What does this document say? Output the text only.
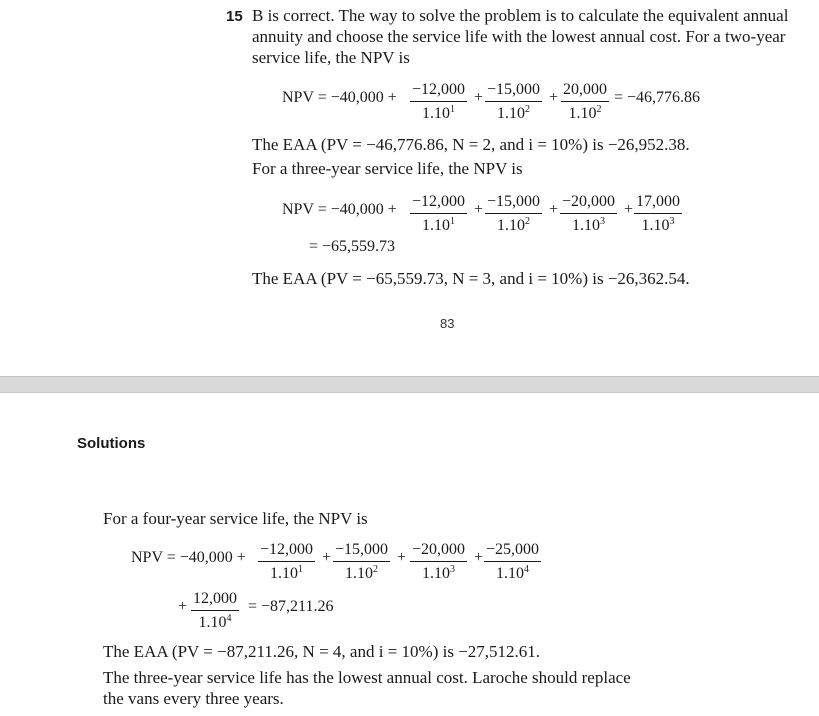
15 B is correct. The way to solve the problem is to calculate the equivalent annual
annuity and choose the service life with the lowest annual cost. For a two-year
service life, the NPV is
NPV = $-40,000 + \frac{-12,000}{1.10^1} + \frac{-15,000}{1.10^2} + \frac{20,000}{1.10^2} = -46,776.86$
The EAA (PV = −46,776.86, N = 2, and i = 10%) is −26,952.38.
For a three-year service life, the NPV is
NPV = $-40,000 + \frac{-12,000}{1.10^1} + \frac{-15,000}{1.10^2} + \frac{-20,000}{1.10^3} + \frac{17,000}{1.10^3}$
= −65,559.73
The EAA (PV = −65,559.73, N = 3, and i = 10%) is −26,362.54.
83
Solutions
For a four-year service life, the NPV is
NPV = $-40,000 + \frac{-12,000}{1.10^1} + \frac{-15,000}{1.10^2} + \frac{-20,000}{1.10^3} + \frac{-25,000}{1.10^4}$
+ $\frac{12,000}{1.10^4} = -87,211.26$
The EAA (PV = −87,211.26, N = 4, and i = 10%) is −27,512.61.
The three-year service life has the lowest annual cost. Laroche should replace
the vans every three years.
